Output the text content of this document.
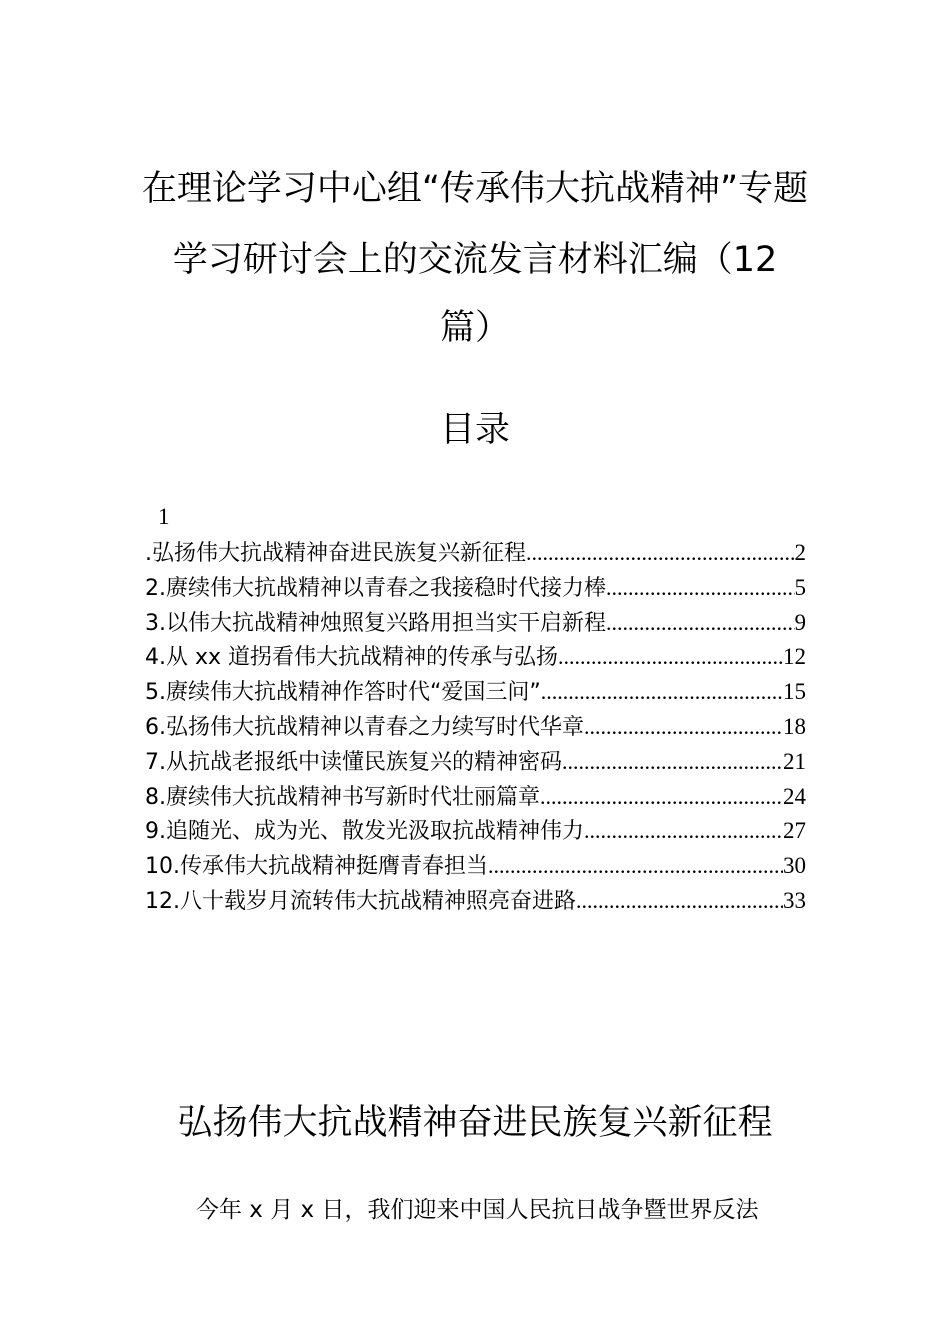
在理论学习中心组“传承伟大抗战精神”专题
学习研讨会上的交流发言材料汇编（12
篇）
目录
1
.弘扬伟大抗战精神奋进民族复兴新征程 .....	2
2.赓续伟大抗战精神以青春之我接稳时代接力棒 .....	5
3.以伟大抗战精神烛照复兴路用担当实干启新程 .....	9
4.从 xx 道拐看伟大抗战精神的传承与弘扬 .....	12
5.赓续伟大抗战精神作答时代“爱国三问” .....	15
6.弘扬伟大抗战精神以青春之力续写时代华章 .....	18
7.从抗战老报纸中读懂民族复兴的精神密码 .....	21
8.赓续伟大抗战精神书写新时代壮丽篇章 .....	24
9.追随光、成为光、散发光汲取抗战精神伟力 .....	27
10.传承伟大抗战精神挺膺青春担当 .....	30
12.八十载岁月流转伟大抗战精神照亮奋进路 .....	33
弘扬伟大抗战精神奋进民族复兴新征程
今年 x 月 x 日，我们迎来中国人民抗日战争暨世界反法
